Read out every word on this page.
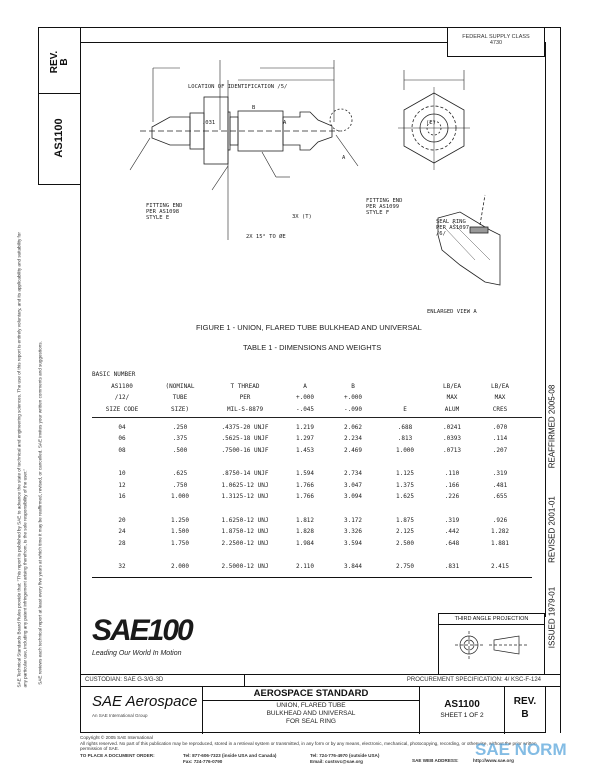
SAE Technical Standards Board Rules provide that: "This report is published by SAE to advance the state of technical and engineering sciences. The use of this report is entirely voluntary, and its applicability and suitability for any particular use, including any patent infringement arising therefrom, is the sole responsibility of the user." SAE reviews each technical report at least every five years at which time it may be reaffirmed, revised, or cancelled. SAE invites your written comments and suggestions.
REV. B
AS1100
FEDERAL SUPPLY CLASS
4730
LOCATION OF IDENTIFICATION /5/
B
.031	A	(E)
A
FITTING END
PER AS1098
STYLE E
FITTING END
PER AS1099
STYLE F
3X (T)
2X 15° TO ØE
SEAL RING
PER AS1097
/6/
ENLARGED VIEW A
FIGURE 1 - UNION, FLARED TUBE BULKHEAD AND UNIVERSAL
TABLE 1 - DIMENSIONS AND WEIGHTS
BASIC NUMBER
AS1100	(NOMINAL	T THREAD	A	B	LB/EA	LB/EA
/12/	TUBE	PER	+.000	+.000	MAX	MAX
SIZE CODE	SIZE)	MIL-S-8879	-.045	-.090	E	ALUM	CRES
04	.250	.4375-20 UNJF	1.219	2.062	.688	.0241	.070
06	.375	.5625-18 UNJF	1.297	2.234	.813	.0393	.114
08	.500	.7500-16 UNJF	1.453	2.469	1.000	.0713	.207
10	.625	.8750-14 UNJF	1.594	2.734	1.125	.110	.319
12	.750	1.0625-12 UNJ	1.766	3.047	1.375	.166	.481
16	1.000	1.3125-12 UNJ	1.766	3.094	1.625	.226	.655
20	1.250	1.6250-12 UNJ	1.812	3.172	1.875	.319	.926
24	1.500	1.8750-12 UNJ	1.828	3.326	2.125	.442	1.282
28	1.750	2.2500-12 UNJ	1.984	3.594	2.500	.648	1.881
32	2.000	2.5000-12 UNJ	2.110	3.844	2.750	.831	2.415
REAFFIRMED 2005-08
REVISED 2001-01
ISSUED 1979-01
SAE100
Leading Our World In Motion
THIRD ANGLE PROJECTION
CUSTODIAN: SAE G-3/G-3D	PROCUREMENT SPECIFICATION: 4/ KSC-F-124
SAE Aerospace
An SAE International Group
AEROSPACE STANDARD
UNION, FLARED TUBE
BULKHEAD AND UNIVERSAL
FOR SEAL RING
AS1100
SHEET 1 OF 2
REV.
B
Copyright © 2005 SAE International
All rights reserved. No part of this publication may be reproduced, stored in a retrieval system or transmitted, in any form or by any means, electronic, mechanical, photocopying, recording, or otherwise, without the prior written permission of SAE.
TO PLACE A DOCUMENT ORDER:	Tel: 877-606-7323 (inside USA and Canada)
Fax: 724-776-0790
Tel: 724-776-4970 (outside USA)
Email: custsvc@sae.org	SAE WEB ADDRESS:	http://www.sae.org
SAE NORM
